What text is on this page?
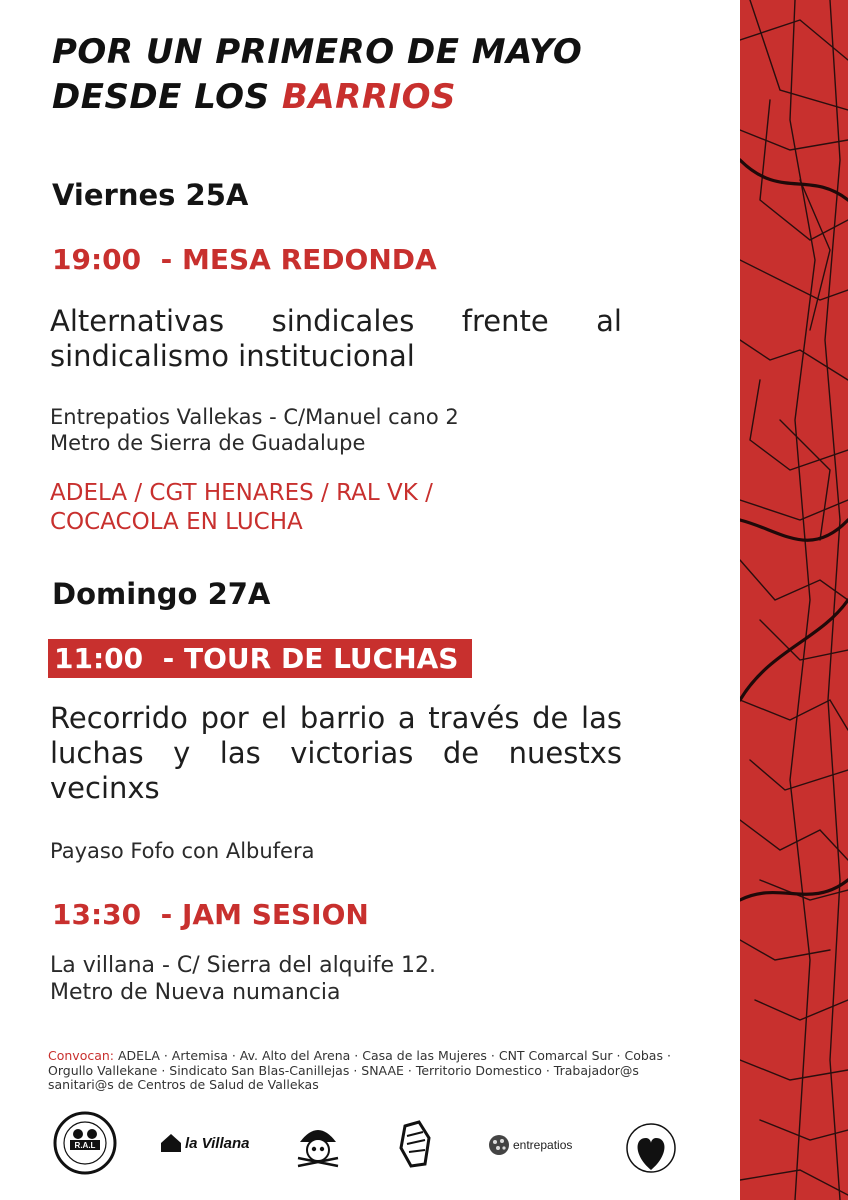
POR UN PRIMERO DE MAYO
DESDE LOS BARRIOS
Viernes 25A
19:00 - MESA REDONDA

Alternativas sindicales frente al sindicalismo institucional

Entrepatios Vallekas - C/Manuel cano 2
Metro de Sierra de Guadalupe

ADELA / CGT HENARES / RAL VK /
COCACOLA EN LUCHA

Domingo 27A
11:00 - TOUR DE LUCHAS

Recorrido por el barrio a través de las luchas y las victorias de nuestxs vecinxs

Payaso Fofo con Albufera

13:30 - JAM SESION

La villana - C/ Sierra del alquife 12.
Metro de Nueva numancia

Convocan: ADELA · Artemisa · Av. Alto del Arena · Casa de las Mujeres · CNT Comarcal Sur · Cobas · Orgullo Vallekane · Sindicato San Blas-Canillejas · SNAAE · Territorio Domestico · Trabajador@s sanitari@s de Centros de Salud de Vallekas

R.A.L	la Villana	entrepatios
